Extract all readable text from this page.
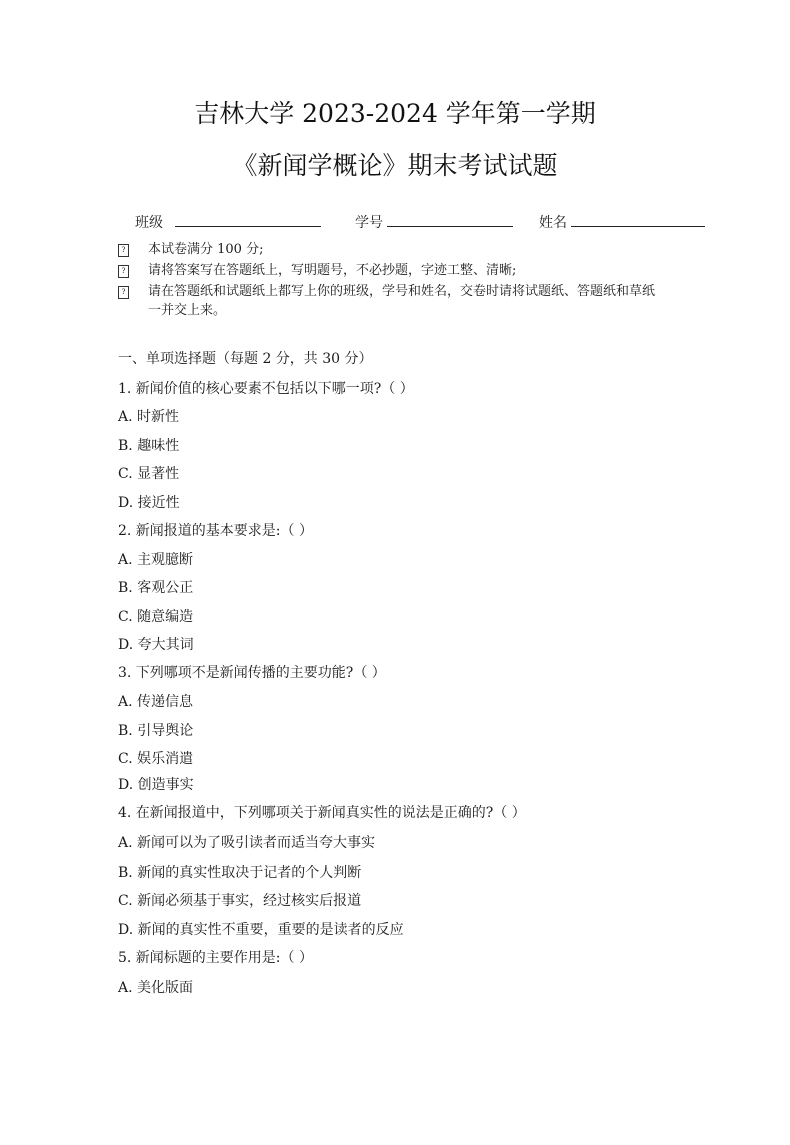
吉林大学 2023-2024 学年第一学期
《新闻学概论》期末考试试题
班级	学号	姓名
? 本试卷满分 100 分;
? 请将答案写在答题纸上，写明题号，不必抄题，字迹工整、清晰;
? 请在答题纸和试题纸上都写上你的班级，学号和姓名，交卷时请将试题纸、答题纸和草纸
一并交上来。
一、单项选择题（每题 2 分，共 30 分）
1. 新闻价值的核心要素不包括以下哪一项?（ ）
A. 时新性
B. 趣味性
C. 显著性
D. 接近性
2. 新闻报道的基本要求是:（ ）
A. 主观臆断
B. 客观公正
C. 随意编造
D. 夸大其词
3. 下列哪项不是新闻传播的主要功能?（ ）
A. 传递信息
B. 引导舆论
C. 娱乐消遣
D. 创造事实
4. 在新闻报道中，下列哪项关于新闻真实性的说法是正确的?（ ）
A. 新闻可以为了吸引读者而适当夸大事实
B. 新闻的真实性取决于记者的个人判断
C. 新闻必须基于事实，经过核实后报道
D. 新闻的真实性不重要，重要的是读者的反应
5. 新闻标题的主要作用是:（ ）
A. 美化版面
